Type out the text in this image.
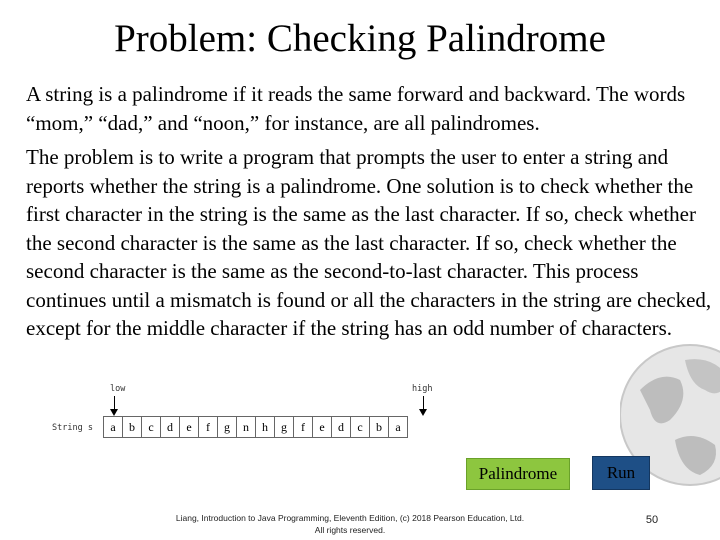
Problem: Checking Palindrome

A string is a palindrome if it reads the same forward and backward. The words “mom,” “dad,” and “noon,” for instance, are all palindromes.

The problem is to write a program that prompts the user to enter a string and reports whether the string is a palindrome. One solution is to check whether the first character in the string is the same as the last character. If so, check whether the second character is the same as the last character. If so, check whether the second character is the same as the second-to-last character. This process continues until a mismatch is found or all the characters in the string are checked, except for the middle character if the string has an odd number of characters.

low	high
String s	a	b	c	d	e	f	g	n	h	g	f	e	d	c	b	a
Palindrome	Run
Liang, Introduction to Java Programming, Eleventh Edition, (c) 2018 Pearson Education, Ltd.
All rights reserved.
50
